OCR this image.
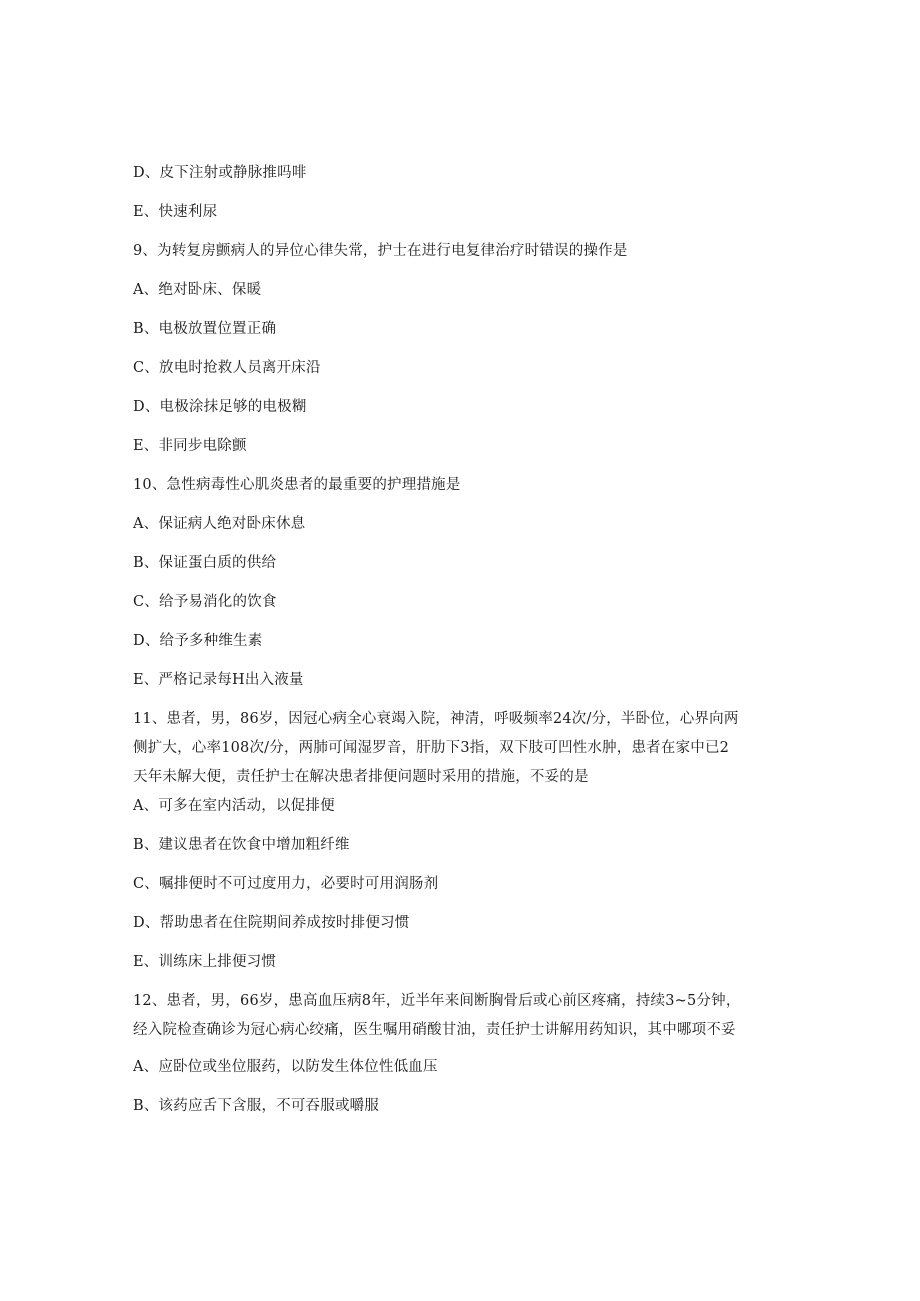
D、皮下注射或静脉推吗啡
E、快速利尿
9、为转复房颤病人的异位心律失常，护士在进行电复律治疗时错误的操作是
A、绝对卧床、保暖
B、电极放置位置正确
C、放电时抢救人员离开床沿
D、电极涂抹足够的电极糊
E、非同步电除颤
10、急性病毒性心肌炎患者的最重要的护理措施是
A、保证病人绝对卧床休息
B、保证蛋白质的供给
C、给予易消化的饮食
D、给予多种维生素
E、严格记录每H出入液量
11、患者，男，86岁，因冠心病全心衰竭入院，神清，呼吸频率24次/分，半卧位，心界向两
侧扩大，心率108次/分，两肺可闻湿罗音，肝肋下3指，双下肢可凹性水肿，患者在家中已2
天年未解大便，责任护士在解决患者排便问题时采用的措施，不妥的是
A、可多在室内活动，以促排便
B、建议患者在饮食中增加粗纤维
C、嘱排便时不可过度用力，必要时可用润肠剂
D、帮助患者在住院期间养成按时排便习惯
E、训练床上排便习惯
12、患者，男，66岁，患高血压病8年，近半年来间断胸骨后或心前区疼痛，持续3~5分钟，
经入院检查确诊为冠心病心绞痛，医生嘱用硝酸甘油，责任护士讲解用药知识，其中哪项不妥
A、应卧位或坐位服药，以防发生体位性低血压
B、该药应舌下含服，不可吞服或嚼服
